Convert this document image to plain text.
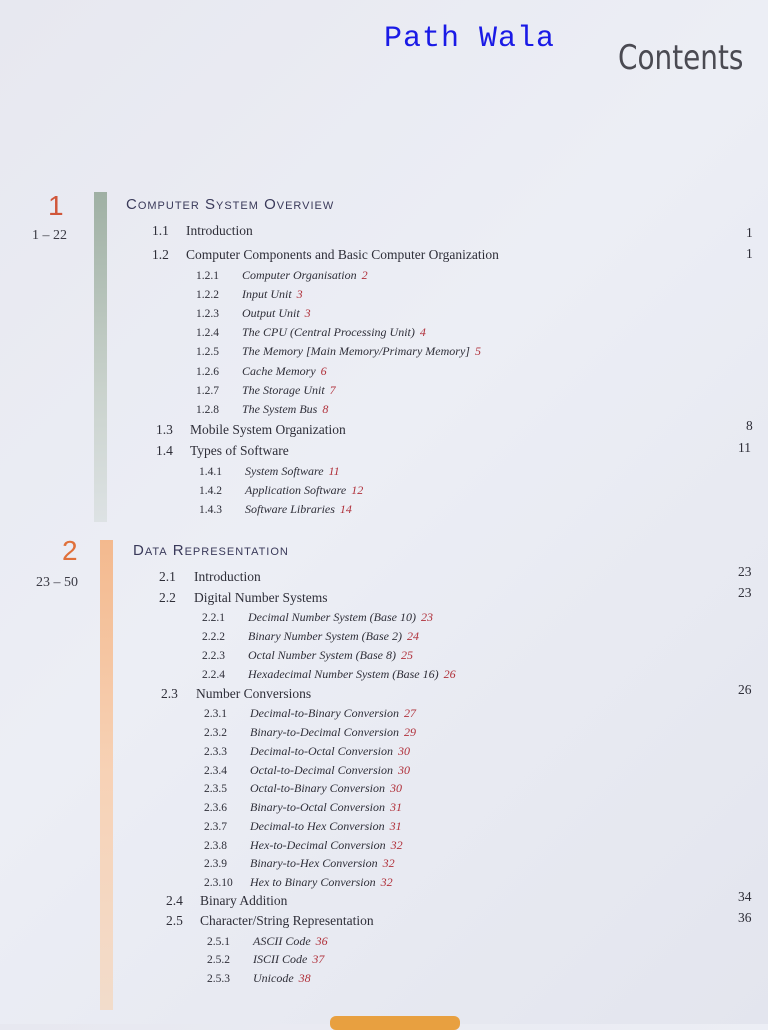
Path Wala Contents
1
1 – 22
Computer System Overview
1.1 Introduction	1
1.2 Computer Components and Basic Computer Organization	1
1.2.1 Computer Organisation 2
1.2.2 Input Unit 3
1.2.3 Output Unit 3
1.2.4 The CPU (Central Processing Unit) 4
1.2.5 The Memory [Main Memory/Primary Memory] 5
1.2.6 Cache Memory 6
1.2.7 The Storage Unit 7
1.2.8 The System Bus 8
1.3 Mobile System Organization	8
1.4 Types of Software	11
1.4.1 System Software 11
1.4.2 Application Software 12
1.4.3 Software Libraries 14
2
23 – 50
Data Representation
2.1 Introduction	23
2.2 Digital Number Systems	23
2.2.1 Decimal Number System (Base 10) 23
2.2.2 Binary Number System (Base 2) 24
2.2.3 Octal Number System (Base 8) 25
2.2.4 Hexadecimal Number System (Base 16) 26
2.3 Number Conversions	26
2.3.1 Decimal-to-Binary Conversion 27
2.3.2 Binary-to-Decimal Conversion 29
2.3.3 Decimal-to-Octal Conversion 30
2.3.4 Octal-to-Decimal Conversion 30
2.3.5 Octal-to-Binary Conversion 30
2.3.6 Binary-to-Octal Conversion 31
2.3.7 Decimal-to Hex Conversion 31
2.3.8 Hex-to-Decimal Conversion 32
2.3.9 Binary-to-Hex Conversion 32
2.3.10 Hex to Binary Conversion 32
2.4 Binary Addition	34
2.5 Character/String Representation	36
2.5.1 ASCII Code 36
2.5.2 ISCII Code 37
2.5.3 Unicode 38
